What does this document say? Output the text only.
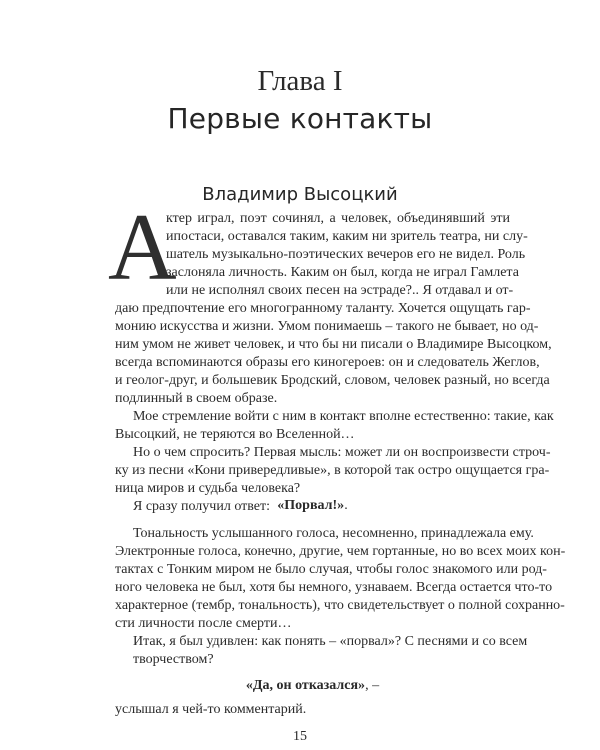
Глава I
Первые контакты
Владимир Высоцкий
А
ктер играл, поэт сочинял, а человек, объединявший эти
ипостаси, оставался таким, каким ни зритель театра, ни слу-
шатель музыкально-поэтических вечеров его не видел. Роль
заслоняла личность. Каким он был, когда не играл Гамлета
или не исполнял своих песен на эстраде?.. Я отдавал и от-
даю предпочтение его многогранному таланту. Хочется ощущать гар-
монию искусства и жизни. Умом понимаешь – такого не бывает, но од-
ним умом не живет человек, и что бы ни писали о Владимире Высоцком,
всегда вспоминаются образы его киногероев: он и следователь Жеглов,
и геолог-друг, и большевик Бродский, словом, человек разный, но всегда
подлинный в своем образе.
Мое стремление войти с ним в контакт вполне естественно: такие, как
Высоцкий, не теряются во Вселенной…
Но о чем спросить? Первая мысль: может ли он воспроизвести строч-
ку из песни «Кони привередливые», в которой так остро ощущается гра-
ница миров и судьба человека?
Я сразу получил ответ: «Порвал!».
Тональность услышанного голоса, несомненно, принадлежала ему.
Электронные голоса, конечно, другие, чем гортанные, но во всех моих кон-
тактах с Тонким миром не было случая, чтобы голос знакомого или род-
ного человека не был, хотя бы немного, узнаваем. Всегда остается что-то
характерное (тембр, тональность), что свидетельствует о полной сохранно-
сти личности после смерти…
15
Итак, я был удивлен: как понять – «порвал»? С песнями и со всем
творчеством?
«Да, он отказался», –
услышал я чей-то комментарий.
